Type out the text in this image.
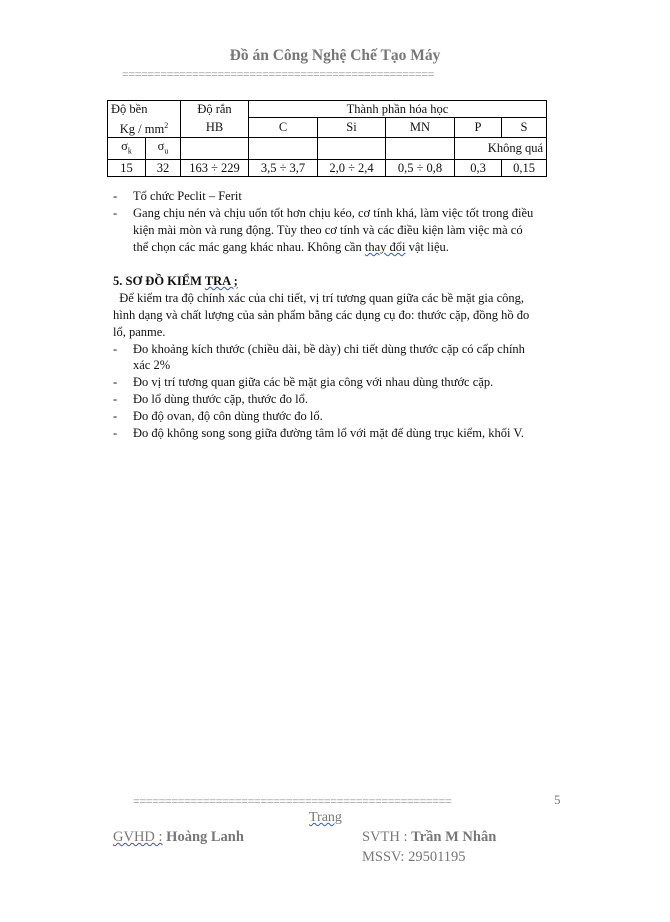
Đồ án Công Nghệ Chế Tạo Máy
=================================================
Độ bền		Độ rắn	Thành phần hóa học				
Kg / $mm^2$		HB	C	Si	MN	P	S
$\sigma_k$	$\sigma_u$					Không quá	
15	32	163 ÷ 229	3,5 ÷ 3,7	2,0 ÷ 2,4	0,5 ÷ 0,8	0,3	0,15
- Tổ chức Peclit – Ferit
- Gang chịu nén và chịu uốn tốt hơn chịu kéo, cơ tính khá, làm việc tốt trong điều
kiện mài mòn và rung động. Tùy theo cơ tính và các điều kiện làm việc mà có
thể chọn các mác gang khác nhau. Không cần thay đổi vật liệu.
5. SƠ ĐỒ KIỂM TRA ;
Để kiểm tra độ chính xác của chi tiết, vị trí tương quan giữa các bề mặt gia công,
hình dạng và chất lượng của sản phẩm bằng các dụng cụ đo: thước cặp, đồng hồ đo
lổ, panme.
- Đo khoảng kích thước (chiều dài, bề dày) chi tiết dùng thước cặp có cấp chính
xác 2%
- Đo vị trí tương quan giữa các bề mặt gia công với nhau dùng thước cặp.
- Đo lổ dùng thước cặp, thước đo lổ.
- Đo độ ovan, độ côn dùng thước đo lổ.
- Đo độ không song song giữa đường tâm lổ với mặt đế dùng trục kiểm, khối V.
==================================================	5
Trang
GVHD : Hoàng Lanh	SVTH : Trần M Nhân
MSSV: 29501195
